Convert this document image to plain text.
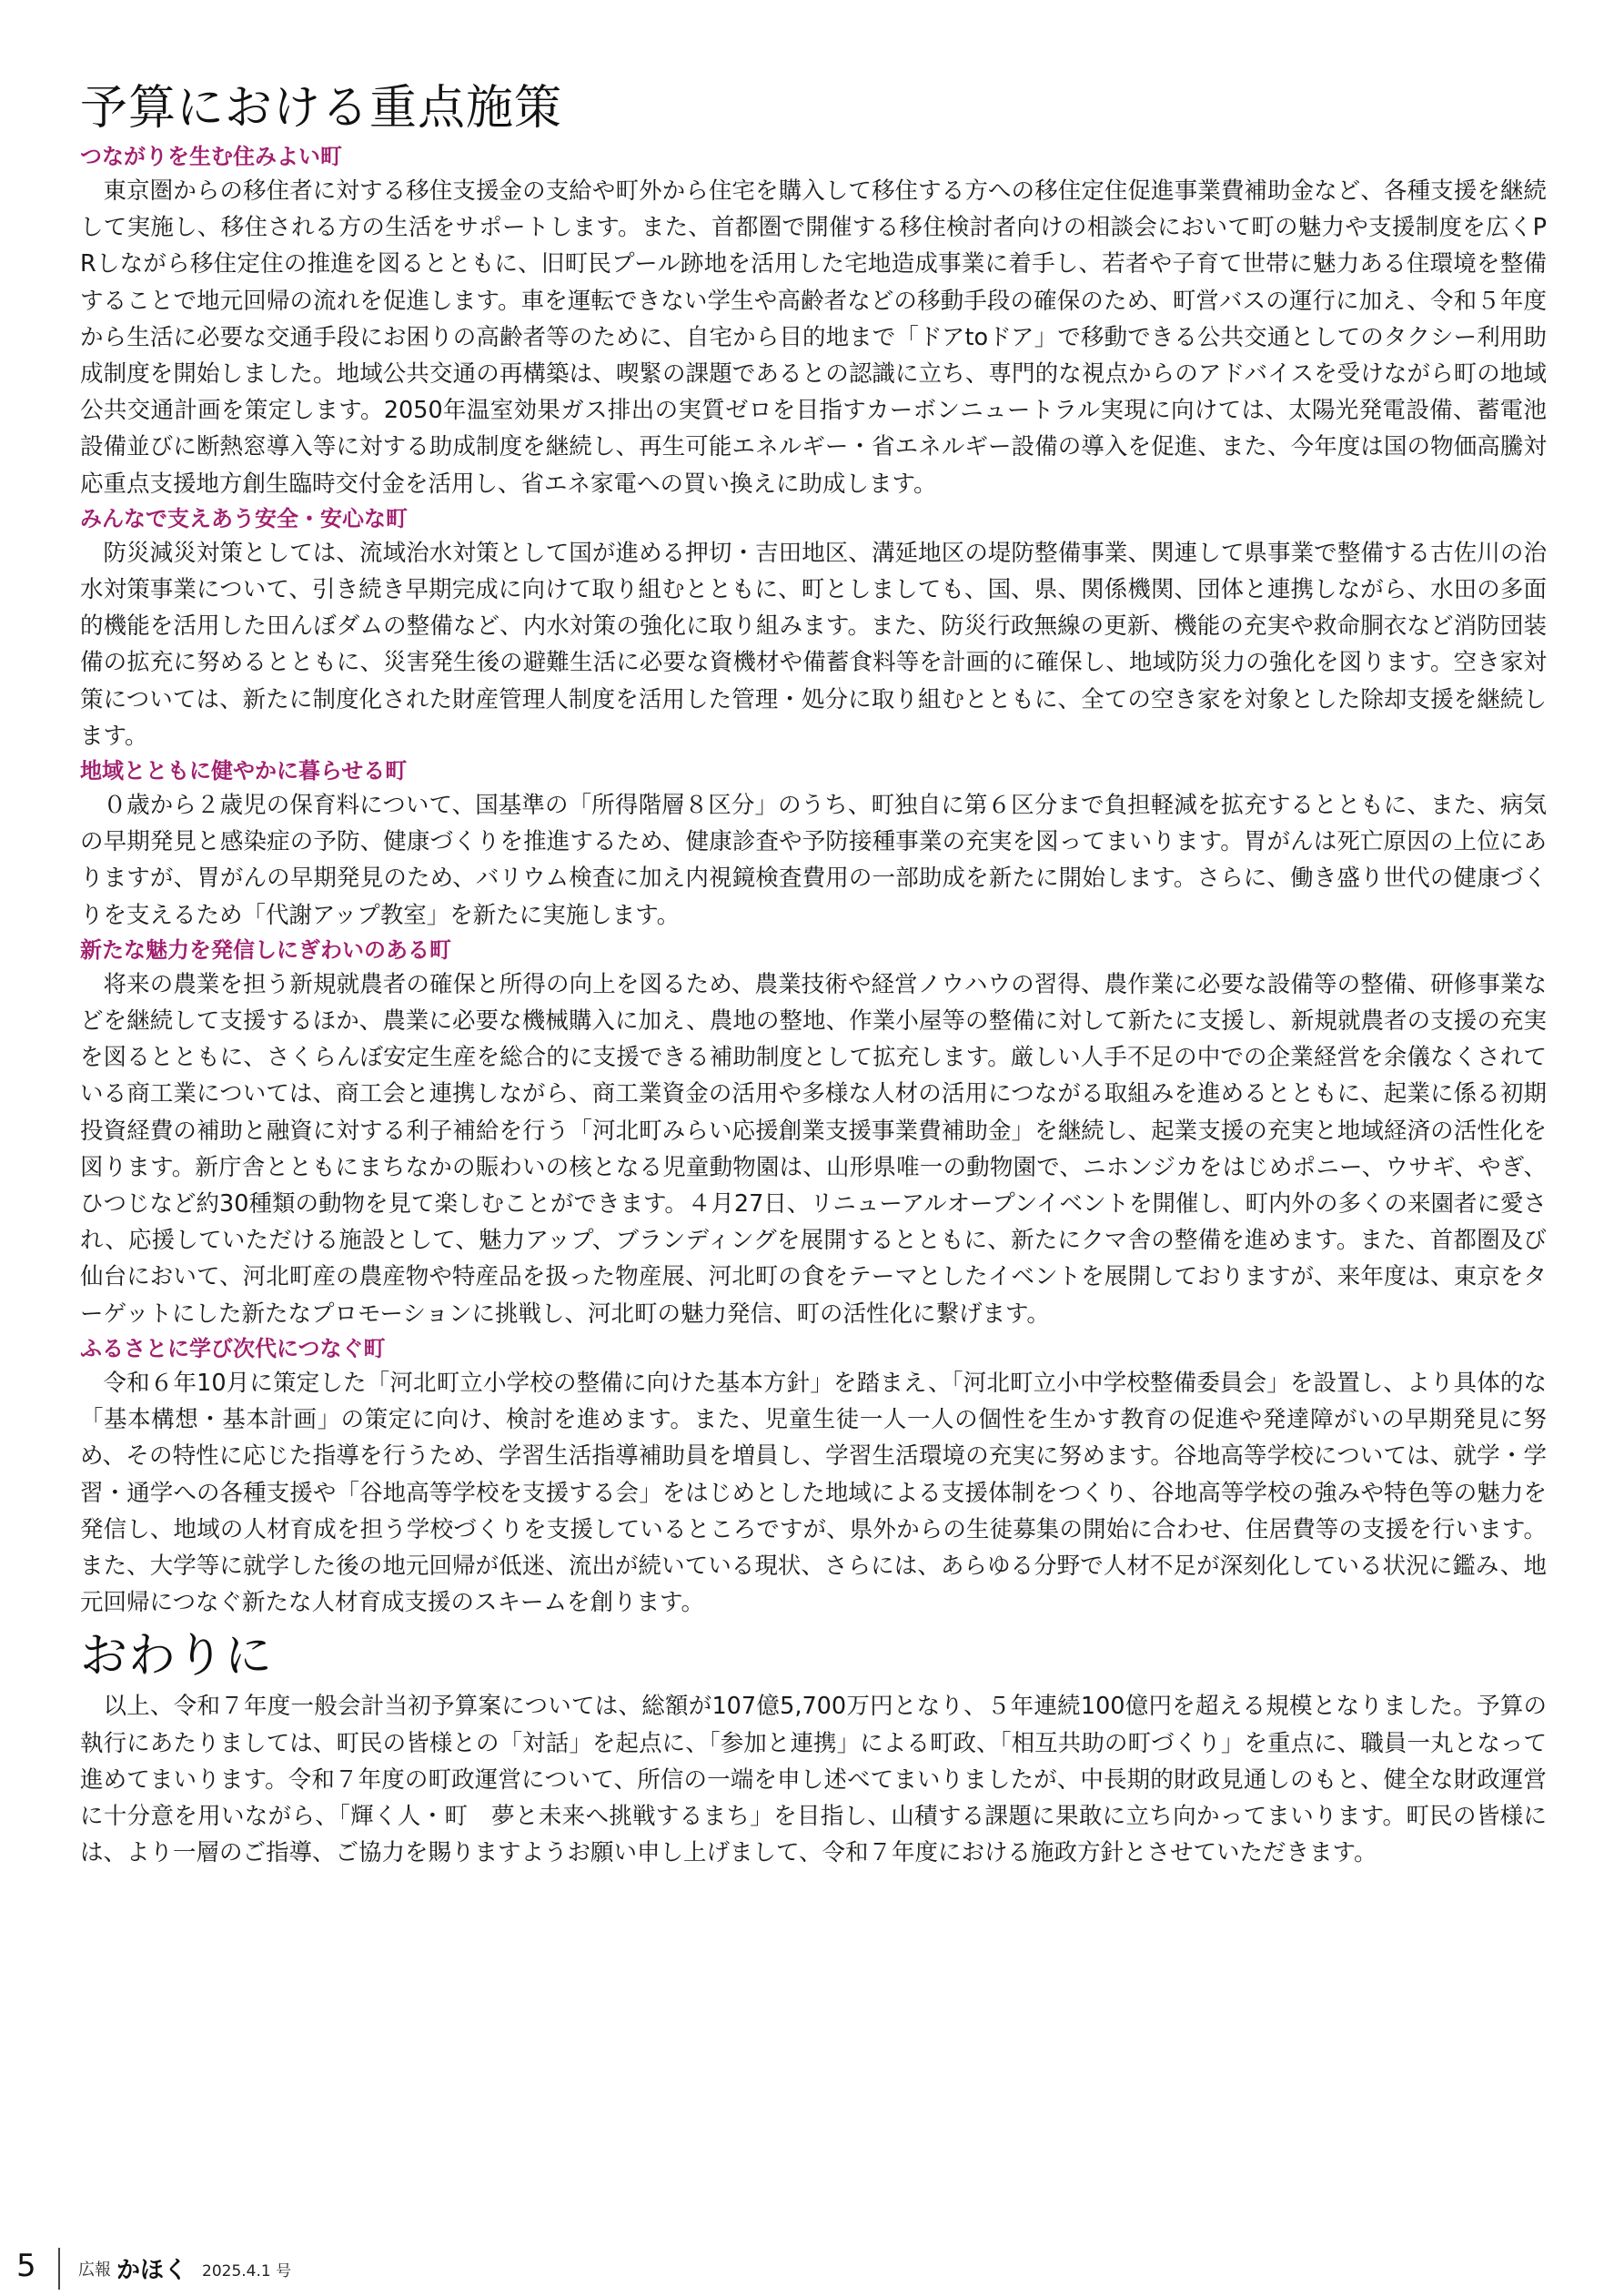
予算における重点施策

つながりを生む住みよい町

東京圏からの移住者に対する移住支援金の支給や町外から住宅を購入して移住する方への移住定住促進事業費補助金など、各種支援を継続して実施し、移住される方の生活をサポートします。また、首都圏で開催する移住検討者向けの相談会において町の魅力や支援制度を広くPRしながら移住定住の推進を図るとともに、旧町民プール跡地を活用した宅地造成事業に着手し、若者や子育て世帯に魅力ある住環境を整備することで地元回帰の流れを促進します。車を運転できない学生や高齢者などの移動手段の確保のため、町営バスの運行に加え、令和５年度から生活に必要な交通手段にお困りの高齢者等のために、自宅から目的地まで「ドアtoドア」で移動できる公共交通としてのタクシー利用助成制度を開始しました。地域公共交通の再構築は、喫緊の課題であるとの認識に立ち、専門的な視点からのアドバイスを受けながら町の地域公共交通計画を策定します。2050年温室効果ガス排出の実質ゼロを目指すカーボンニュートラル実現に向けては、太陽光発電設備、蓄電池設備並びに断熱窓導入等に対する助成制度を継続し、再生可能エネルギー・省エネルギー設備の導入を促進、また、今年度は国の物価高騰対応重点支援地方創生臨時交付金を活用し、省エネ家電への買い換えに助成します。

みんなで支えあう安全・安心な町

防災減災対策としては、流域治水対策として国が進める押切・吉田地区、溝延地区の堤防整備事業、関連して県事業で整備する古佐川の治水対策事業について、引き続き早期完成に向けて取り組むとともに、町としましても、国、県、関係機関、団体と連携しながら、水田の多面的機能を活用した田んぼダムの整備など、内水対策の強化に取り組みます。また、防災行政無線の更新、機能の充実や救命胴衣など消防団装備の拡充に努めるとともに、災害発生後の避難生活に必要な資機材や備蓄食料等を計画的に確保し、地域防災力の強化を図ります。空き家対策については、新たに制度化された財産管理人制度を活用した管理・処分に取り組むとともに、全ての空き家を対象とした除却支援を継続します。

地域とともに健やかに暮らせる町

０歳から２歳児の保育料について、国基準の「所得階層８区分」のうち、町独自に第６区分まで負担軽減を拡充するとともに、また、病気の早期発見と感染症の予防、健康づくりを推進するため、健康診査や予防接種事業の充実を図ってまいります。胃がんは死亡原因の上位にありますが、胃がんの早期発見のため、バリウム検査に加え内視鏡検査費用の一部助成を新たに開始します。さらに、働き盛り世代の健康づくりを支えるため「代謝アップ教室」を新たに実施します。

新たな魅力を発信しにぎわいのある町

将来の農業を担う新規就農者の確保と所得の向上を図るため、農業技術や経営ノウハウの習得、農作業に必要な設備等の整備、研修事業などを継続して支援するほか、農業に必要な機械購入に加え、農地の整地、作業小屋等の整備に対して新たに支援し、新規就農者の支援の充実を図るとともに、さくらんぼ安定生産を総合的に支援できる補助制度として拡充します。厳しい人手不足の中での企業経営を余儀なくされている商工業については、商工会と連携しながら、商工業資金の活用や多様な人材の活用につながる取組みを進めるとともに、起業に係る初期投資経費の補助と融資に対する利子補給を行う「河北町みらい応援創業支援事業費補助金」を継続し、起業支援の充実と地域経済の活性化を図ります。新庁舎とともにまちなかの賑わいの核となる児童動物園は、山形県唯一の動物園で、ニホンジカをはじめポニー、ウサギ、やぎ、ひつじなど約30種類の動物を見て楽しむことができます。４月27日、リニューアルオープンイベントを開催し、町内外の多くの来園者に愛され、応援していただける施設として、魅力アップ、ブランディングを展開するとともに、新たにクマ舎の整備を進めます。また、首都圏及び仙台において、河北町産の農産物や特産品を扱った物産展、河北町の食をテーマとしたイベントを展開しておりますが、来年度は、東京をターゲットにした新たなプロモーションに挑戦し、河北町の魅力発信、町の活性化に繋げます。

ふるさとに学び次代につなぐ町

令和６年10月に策定した「河北町立小学校の整備に向けた基本方針」を踏まえ、「河北町立小中学校整備委員会」を設置し、より具体的な「基本構想・基本計画」の策定に向け、検討を進めます。また、児童生徒一人一人の個性を生かす教育の促進や発達障がいの早期発見に努め、その特性に応じた指導を行うため、学習生活指導補助員を増員し、学習生活環境の充実に努めます。谷地高等学校については、就学・学習・通学への各種支援や「谷地高等学校を支援する会」をはじめとした地域による支援体制をつくり、谷地高等学校の強みや特色等の魅力を発信し、地域の人材育成を担う学校づくりを支援しているところですが、県外からの生徒募集の開始に合わせ、住居費等の支援を行います。また、大学等に就学した後の地元回帰が低迷、流出が続いている現状、さらには、あらゆる分野で人材不足が深刻化している状況に鑑み、地元回帰につなぐ新たな人材育成支援のスキームを創ります。

おわりに

以上、令和７年度一般会計当初予算案については、総額が107億5,700万円となり、５年連続100億円を超える規模となりました。予算の執行にあたりましては、町民の皆様との「対話」を起点に、「参加と連携」による町政、「相互共助の町づくり」を重点に、職員一丸となって進めてまいります。令和７年度の町政運営について、所信の一端を申し述べてまいりましたが、中長期的財政見通しのもと、健全な財政運営に十分意を用いながら、「輝く人・町　夢と未来へ挑戦するまち」を目指し、山積する課題に果敢に立ち向かってまいります。町民の皆様には、より一層のご指導、ご協力を賜りますようお願い申し上げまして、令和７年度における施政方針とさせていただきます。

5	広報 かほく 2025.4.1 号
